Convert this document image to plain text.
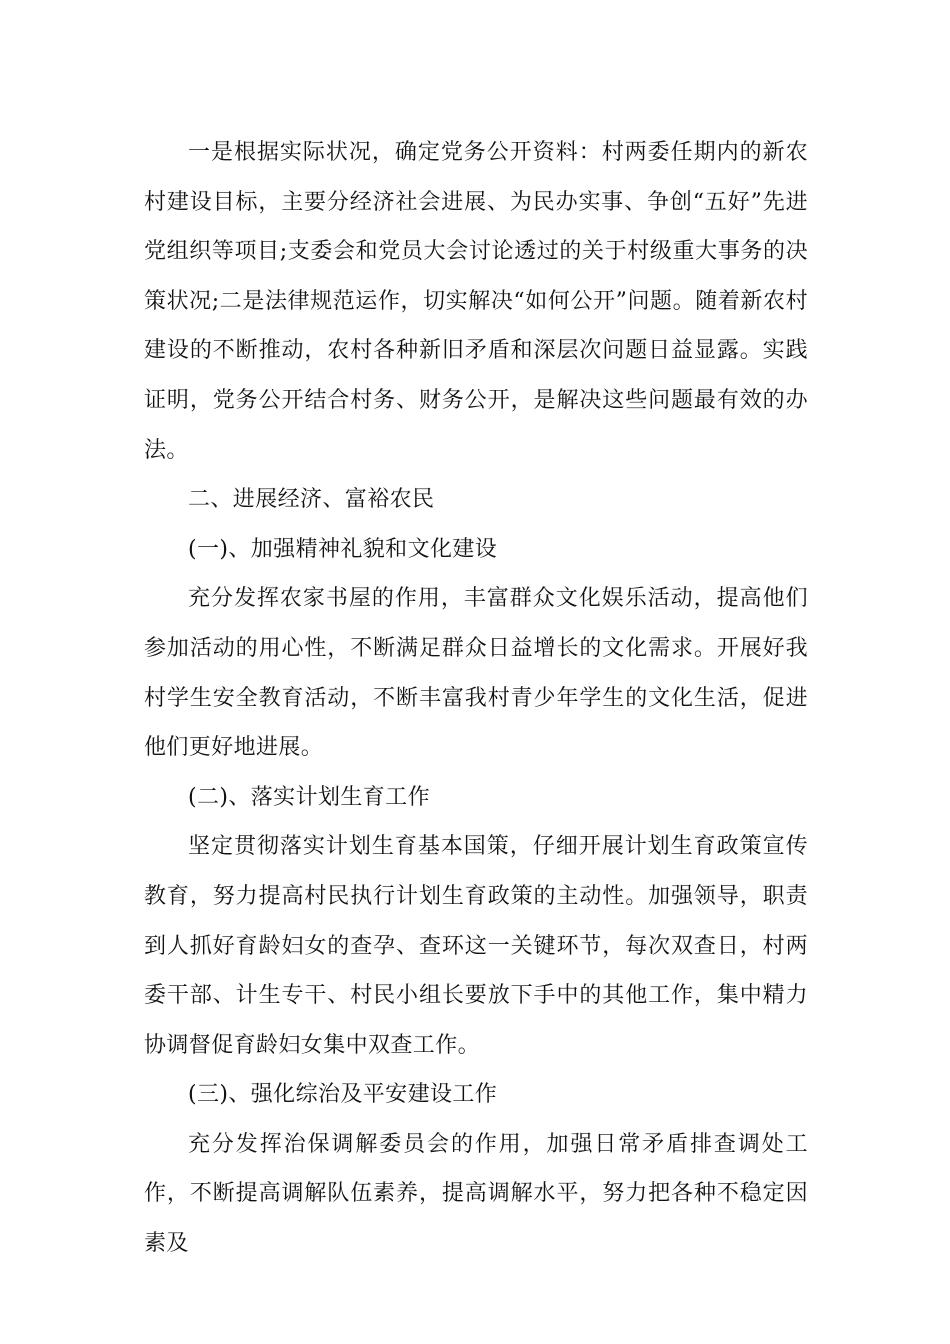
一是根据实际状况，确定党务公开资料：村两委任期内的新农村建设目标，主要分经济社会进展、为民办实事、争创“五好”先进党组织等项目;支委会和党员大会讨论透过的关于村级重大事务的决策状况;二是法律规范运作，切实解决“如何公开”问题。随着新农村建设的不断推动，农村各种新旧矛盾和深层次问题日益显露。实践证明，党务公开结合村务、财务公开，是解决这些问题最有效的办法。

二、进展经济、富裕农民

(一)、加强精神礼貌和文化建设

充分发挥农家书屋的作用，丰富群众文化娱乐活动，提高他们参加活动的用心性，不断满足群众日益增长的文化需求。开展好我村学生安全教育活动，不断丰富我村青少年学生的文化生活，促进他们更好地进展。

(二)、落实计划生育工作

坚定贯彻落实计划生育基本国策，仔细开展计划生育政策宣传教育，努力提高村民执行计划生育政策的主动性。加强领导，职责到人抓好育龄妇女的查孕、查环这一关键环节，每次双查日，村两委干部、计生专干、村民小组长要放下手中的其他工作，集中精力协调督促育龄妇女集中双查工作。

(三)、强化综治及平安建设工作

充分发挥治保调解委员会的作用，加强日常矛盾排查调处工作，不断提高调解队伍素养，提高调解水平，努力把各种不稳定因素及
